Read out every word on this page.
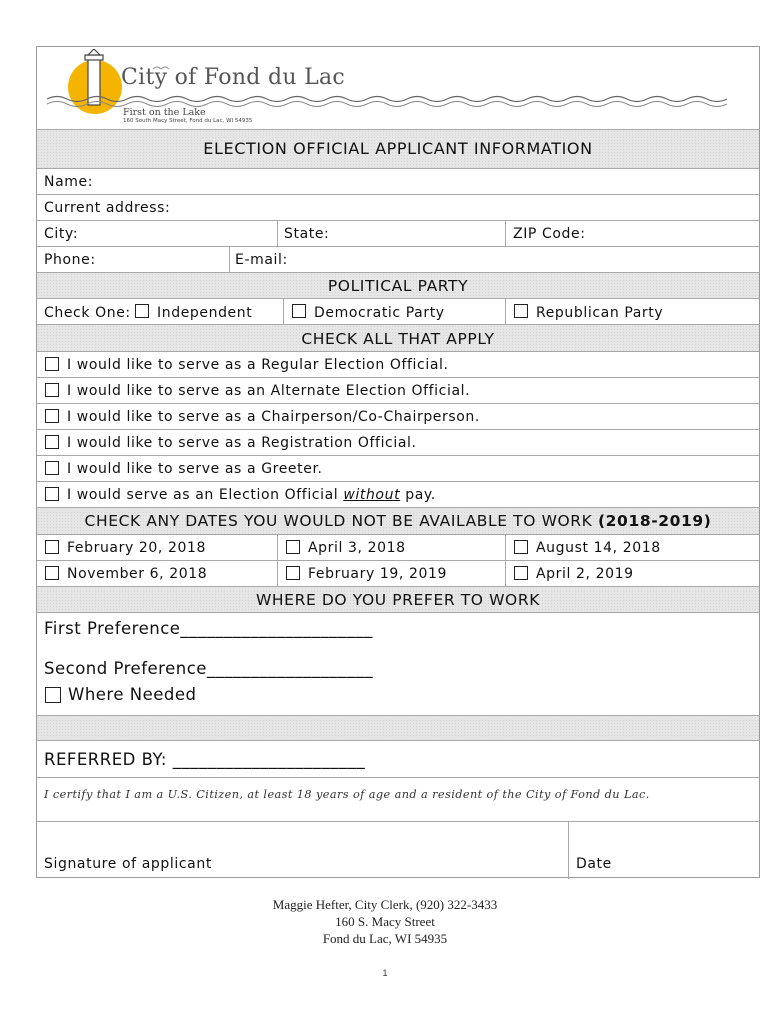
City of Fond du Lac
First on the Lake
160 South Macy Street, Fond du Lac, WI 54935
ELECTION OFFICIAL APPLICANT INFORMATION
Name:
Current address:
City:	State:	ZIP Code:
Phone:	E-mail:
POLITICAL PARTY
Check One: Independent	Democratic Party	Republican Party
CHECK ALL THAT APPLY
I would like to serve as a Regular Election Official.
I would like to serve as an Alternate Election Official.
I would like to serve as a Chairperson/Co-Chairperson.
I would like to serve as a Registration Official.
I would like to serve as a Greeter.
I would serve as an Election Official without pay.
CHECK ANY DATES YOU WOULD NOT BE AVAILABLE TO WORK (2018-2019)
February 20, 2018	April 3, 2018	August 14, 2018
November 6, 2018	February 19, 2019	April 2, 2019
WHERE DO YOU PREFER TO WORK
First Preference______________________
Second Preference___________________
Where Needed
REFERRED BY: ______________________
I certify that I am a U.S. Citizen, at least 18 years of age and a resident of the City of Fond du Lac.
Signature of applicant	Date
Maggie Hefter, City Clerk, (920) 322-3433
160 S. Macy Street
Fond du Lac, WI 54935
1
